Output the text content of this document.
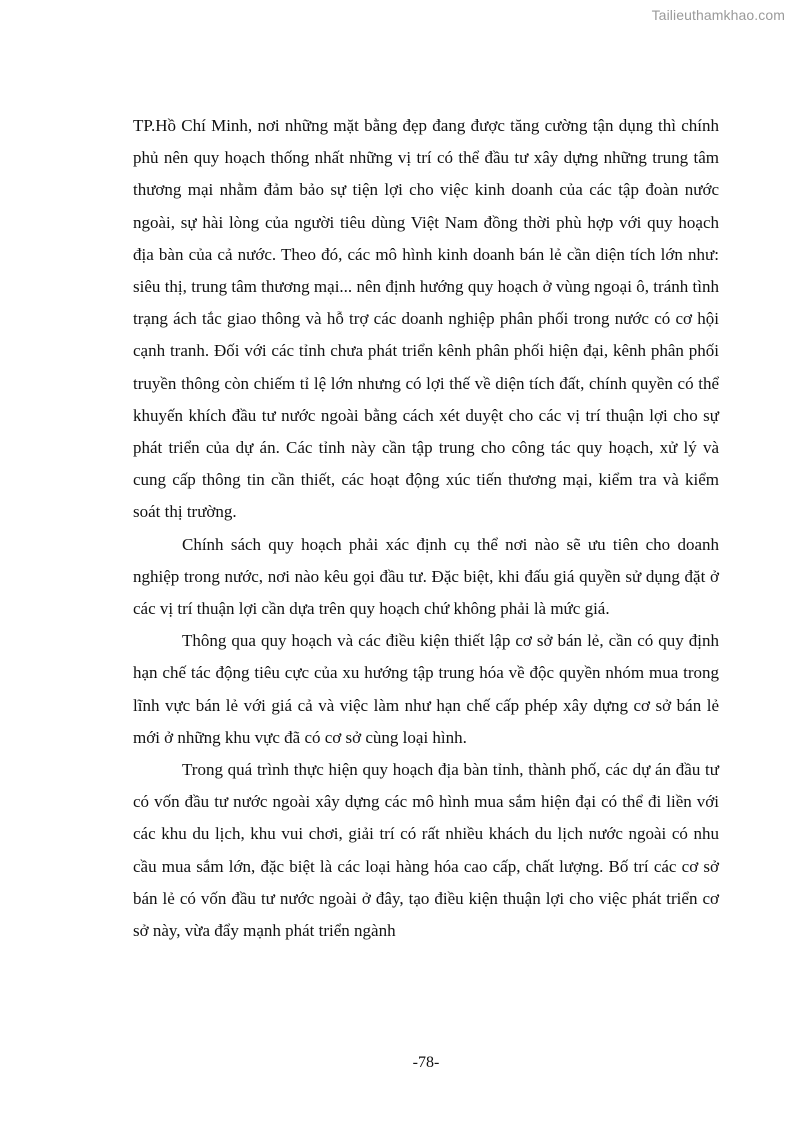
Tailieuthamkhao.com

TP.Hồ Chí Minh, nơi những mặt bằng đẹp đang được tăng cường tận dụng thì chính phủ nên quy hoạch thống nhất những vị trí có thể đầu tư xây dựng những trung tâm thương mại nhằm đảm bảo sự tiện lợi cho việc kinh doanh của các tập đoàn nước ngoài, sự hài lòng của người tiêu dùng Việt Nam đồng thời phù hợp với quy hoạch địa bàn của cả nước. Theo đó, các mô hình kinh doanh bán lẻ cần diện tích lớn như: siêu thị, trung tâm thương mại... nên định hướng quy hoạch ở vùng ngoại ô, tránh tình trạng ách tắc giao thông và hỗ trợ các doanh nghiệp phân phối trong nước có cơ hội cạnh tranh. Đối với các tỉnh chưa phát triển kênh phân phối hiện đại, kênh phân phối truyền thông còn chiếm tỉ lệ lớn nhưng có lợi thế về diện tích đất, chính quyền có thể khuyến khích đầu tư nước ngoài bằng cách xét duyệt cho các vị trí thuận lợi cho sự phát triển của dự án. Các tỉnh này cần tập trung cho công tác quy hoạch, xử lý và cung cấp thông tin cần thiết, các hoạt động xúc tiến thương mại, kiểm tra và kiểm soát thị trường.

Chính sách quy hoạch phải xác định cụ thể nơi nào sẽ ưu tiên cho doanh nghiệp trong nước, nơi nào kêu gọi đầu tư. Đặc biệt, khi đấu giá quyền sử dụng đặt ở các vị trí thuận lợi cần dựa trên quy hoạch chứ không phải là mức giá.

Thông qua quy hoạch và các điều kiện thiết lập cơ sở bán lẻ, cần có quy định hạn chế tác động tiêu cực của xu hướng tập trung hóa về độc quyền nhóm mua trong lĩnh vực bán lẻ với giá cả và việc làm như hạn chế cấp phép xây dựng cơ sở bán lẻ mới ở những khu vực đã có cơ sở cùng loại hình.

Trong quá trình thực hiện quy hoạch địa bàn tỉnh, thành phố, các dự án đầu tư có vốn đầu tư nước ngoài xây dựng các mô hình mua sắm hiện đại có thể đi liền với các khu du lịch, khu vui chơi, giải trí có rất nhiều khách du lịch nước ngoài có nhu cầu mua sắm lớn, đặc biệt là các loại hàng hóa cao cấp, chất lượng. Bố trí các cơ sở bán lẻ có vốn đầu tư nước ngoài ở đây, tạo điều kiện thuận lợi cho việc phát triển cơ sở này, vừa đẩy mạnh phát triển ngành

-78-
